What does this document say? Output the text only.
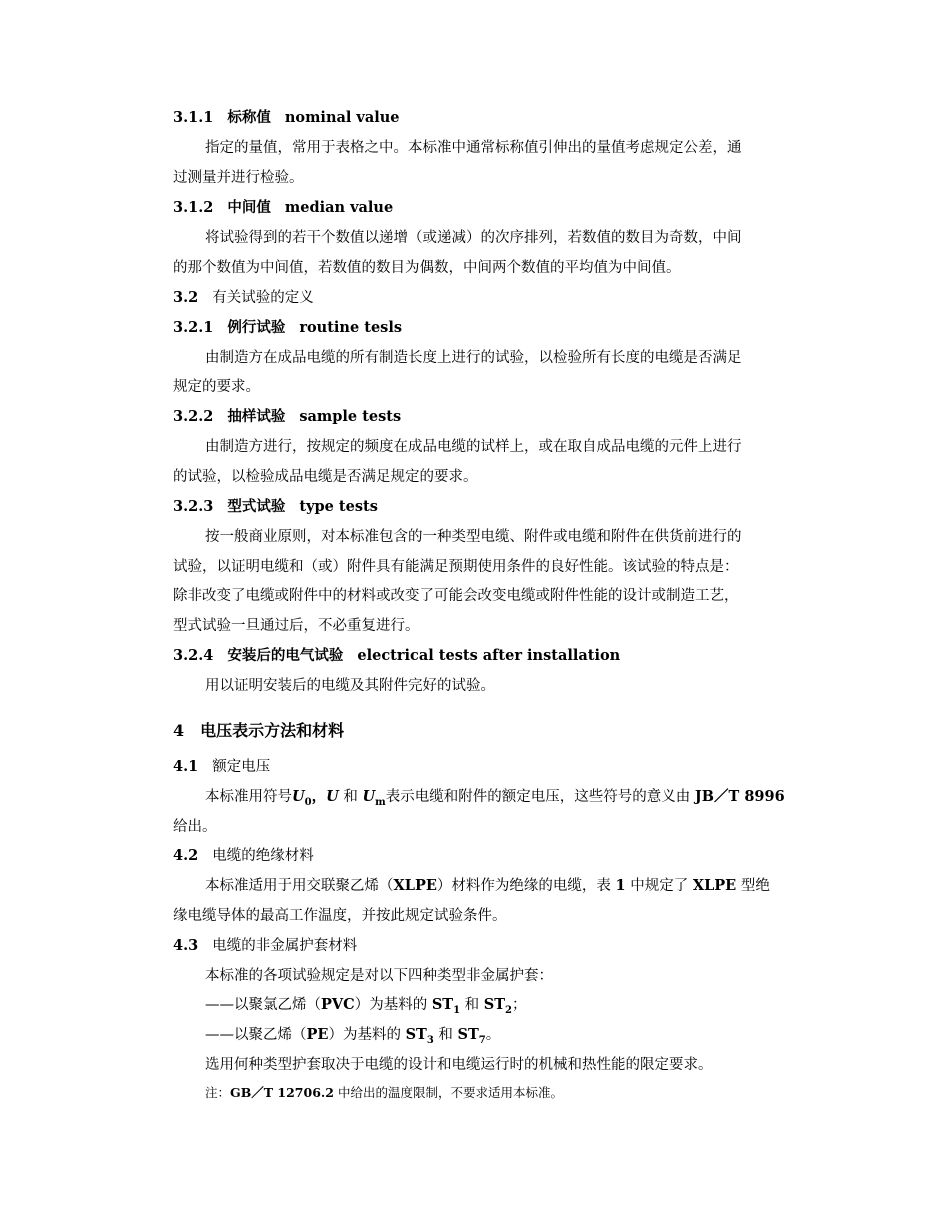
3.1.1 标称值 nominal value
指定的量值，常用于表格之中。本标准中通常标称值引伸出的量值考虑规定公差，通
过测量并进行检验。
3.1.2 中间值 median value
将试验得到的若干个数值以递增（或递减）的次序排列，若数值的数目为奇数，中间
的那个数值为中间值，若数值的数目为偶数，中间两个数值的平均值为中间值。
3.2 有关试验的定义
3.2.1 例行试验 routine tesls
由制造方在成品电缆的所有制造长度上进行的试验，以检验所有长度的电缆是否满足
规定的要求。
3.2.2 抽样试验 sample tests
由制造方进行，按规定的频度在成品电缆的试样上，或在取自成品电缆的元件上进行
的试验，以检验成品电缆是否满足规定的要求。
3.2.3 型式试验 type tests
按一般商业原则，对本标准包含的一种类型电缆、附件或电缆和附件在供货前进行的
试验，以证明电缆和（或）附件具有能满足预期使用条件的良好性能。该试验的特点是：
除非改变了电缆或附件中的材料或改变了可能会改变电缆或附件性能的设计或制造工艺，
型式试验一旦通过后，不必重复进行。
3.2.4 安装后的电气试验 electrical tests after installation
用以证明安装后的电缆及其附件完好的试验。
4 电压表示方法和材料
4.1 额定电压
本标准用符号$U_0$，U 和 $U_m$表示电缆和附件的额定电压，这些符号的意义由 JB／T 8996
给出。
4.2 电缆的绝缘材料
本标准适用于用交联聚乙烯（XLPE）材料作为绝缘的电缆，表 1 中规定了 XLPE 型绝
缘电缆导体的最高工作温度，并按此规定试验条件。
4.3 电缆的非金属护套材料
本标准的各项试验规定是对以下四种类型非金属护套：
——以聚氯乙烯（PVC）为基料的 $ST_1$ 和 $ST_2$；
——以聚乙烯（PE）为基料的 $ST_3$ 和 $ST_7$。
选用何种类型护套取决于电缆的设计和电缆运行时的机械和热性能的限定要求。
注：GB／T 12706.2 中给出的温度限制，不要求适用本标准。
